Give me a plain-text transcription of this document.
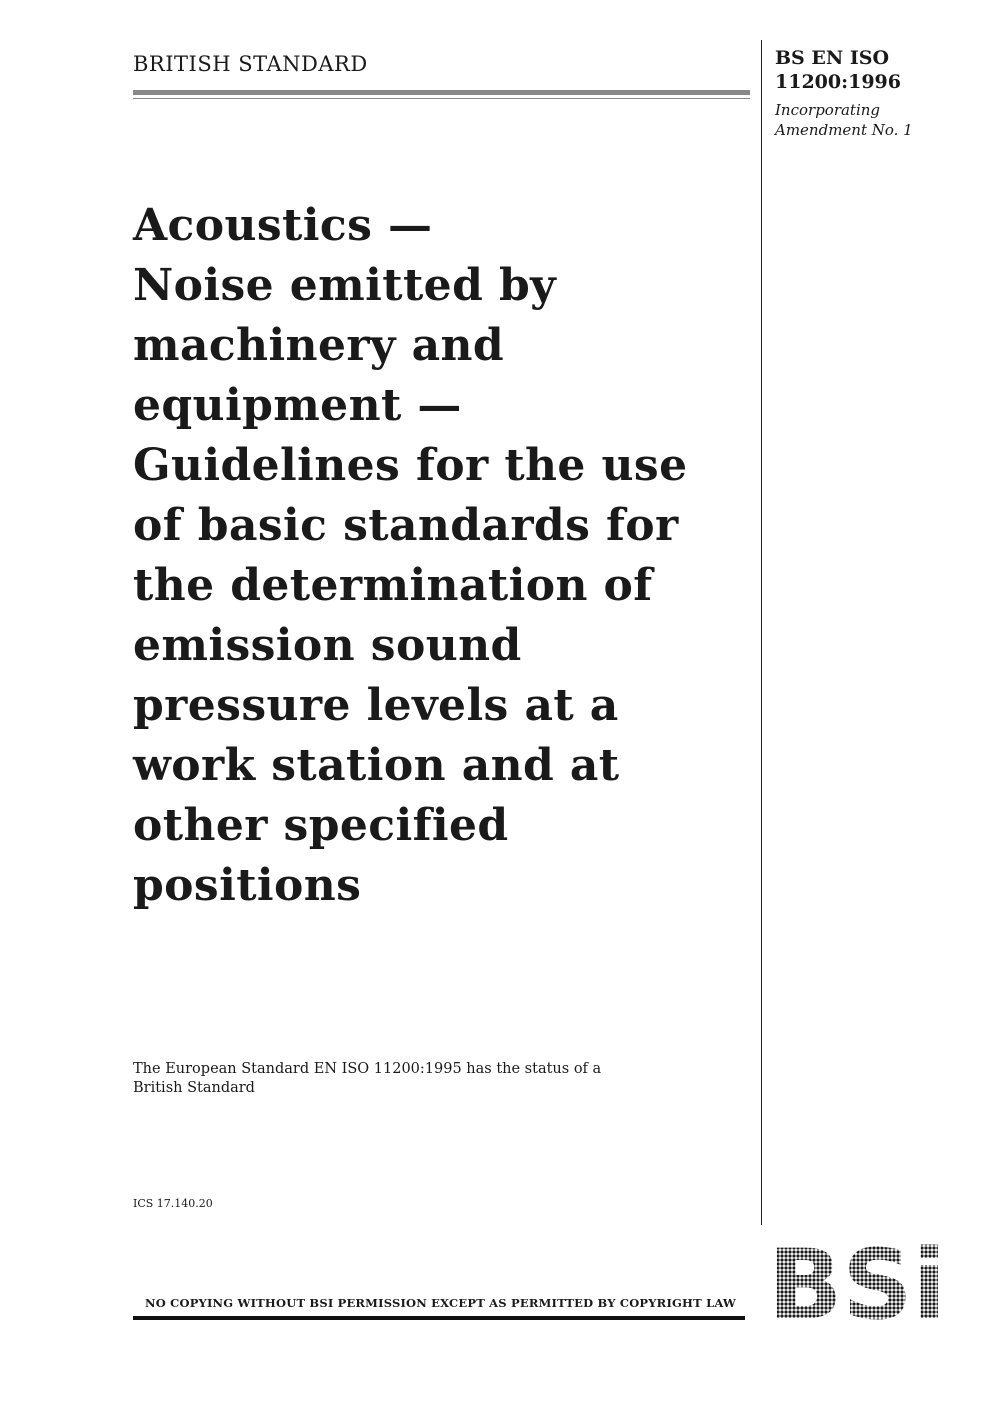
BRITISH STANDARD	BS EN ISO
11200:1996
Incorporating
Amendment No. 1
Acoustics —
Noise emitted by
machinery and
equipment —
Guidelines for the use
of basic standards for
the determination of
emission sound
pressure levels at a
work station and at
other specified
positions
The European Standard EN ISO 11200:1995 has the status of a
British Standard
ICS 17.140.20
NO COPYING WITHOUT BSI PERMISSION EXCEPT AS PERMITTED BY COPYRIGHT LAW
